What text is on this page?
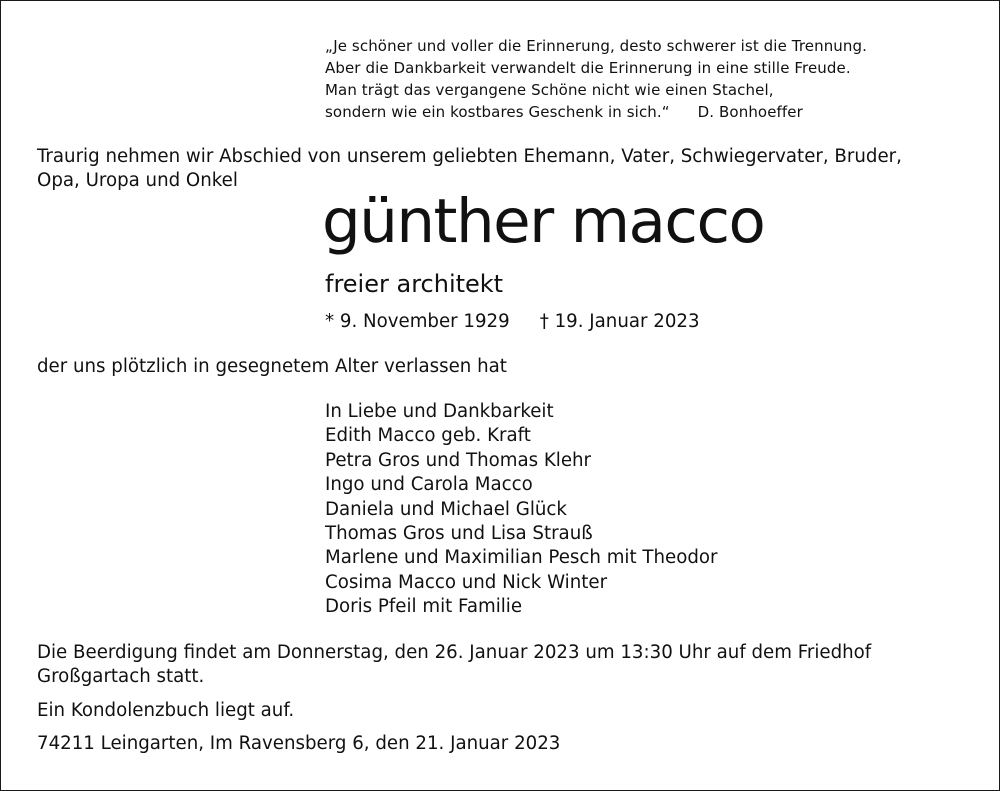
„Je schöner und voller die Erinnerung, desto schwerer ist die Trennung.
Aber die Dankbarkeit verwandelt die Erinnerung in eine stille Freude.
Man trägt das vergangene Schöne nicht wie einen Stachel,
sondern wie ein kostbares Geschenk in sich.“ D. Bonhoeffer
Traurig nehmen wir Abschied von unserem geliebten Ehemann, Vater, Schwiegervater, Bruder,
Opa, Uropa und Onkel
günther macco
freier architekt
* 9. November 1929 † 19. Januar 2023
der uns plötzlich in gesegnetem Alter verlassen hat
In Liebe und Dankbarkeit
Edith Macco geb. Kraft
Petra Gros und Thomas Klehr
Ingo und Carola Macco
Daniela und Michael Glück
Thomas Gros und Lisa Strauß
Marlene und Maximilian Pesch mit Theodor
Cosima Macco und Nick Winter
Doris Pfeil mit Familie
Die Beerdigung findet am Donnerstag, den 26. Januar 2023 um 13:30 Uhr auf dem Friedhof
Großgartach statt.
Ein Kondolenzbuch liegt auf.
74211 Leingarten, Im Ravensberg 6, den 21. Januar 2023
